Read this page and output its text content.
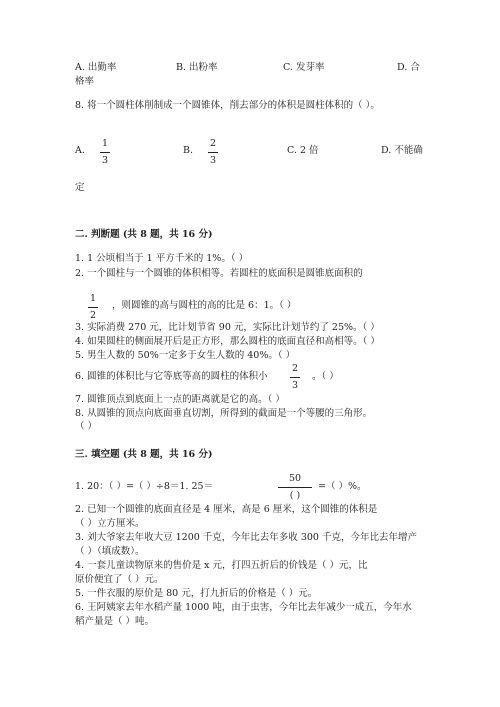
A. 出勤率	B. 出粉率	C. 发芽率	D. 合
格率
8. 将一个圆柱体削制成一个圆锥体，削去部分的体积是圆柱体积的（ ）。
A.
1
3
B.
2
3
C. 2 倍	D. 不能确
定
二. 判断题 (共 8 题，共 16 分)
1. 1 公顷相当于 1 平方千米的 1%。（ ）
2. 一个圆柱与一个圆锥的体积相等。若圆柱的底面积是圆锥底面积的
1
2
，则圆锥的高与圆柱的高的比是 6：1。（ ）
3. 实际消费 270 元，比计划节省 90 元，实际比计划节约了 25%。（ ）
4. 如果圆柱的侧面展开后是正方形，那么圆柱的底面直径和高相等。（ ）
5. 男生人数的 50%一定多于女生人数的 40%。（ ）
6. 圆锥的体积比与它等底等高的圆柱的体积小
2
3
。（ ）
7. 圆锥顶点到底面上一点的距离就是它的高。（ ）
8. 从圆锥的顶点向底面垂直切割，所得到的截面是一个等腰的三角形。
（ ）
三. 填空题 (共 8 题，共 16 分)
1. 20：（ ）=（ ）÷8＝1. 25＝
50
( )
=（ ）%。
2. 已知一个圆锥的底面直径是 4 厘米，高是 6 厘米，这个圆锥的体积是
（ ）立方厘米。
3. 刘大爷家去年收大豆 1200 千克，今年比去年多收 300 千克，今年比去年增产
（ ）（填成数）。
4. 一套儿童读物原来的售价是 x 元，打四五折后的价钱是（ ）元，比
原价便宜了（ ）元。
5. 一件衣服的原价是 80 元，打九折后的价格是（ ）元。
6. 王阿姨家去年水稻产量 1000 吨，由于虫害，今年比去年减少一成五，今年水
稻产量是（ ）吨。
